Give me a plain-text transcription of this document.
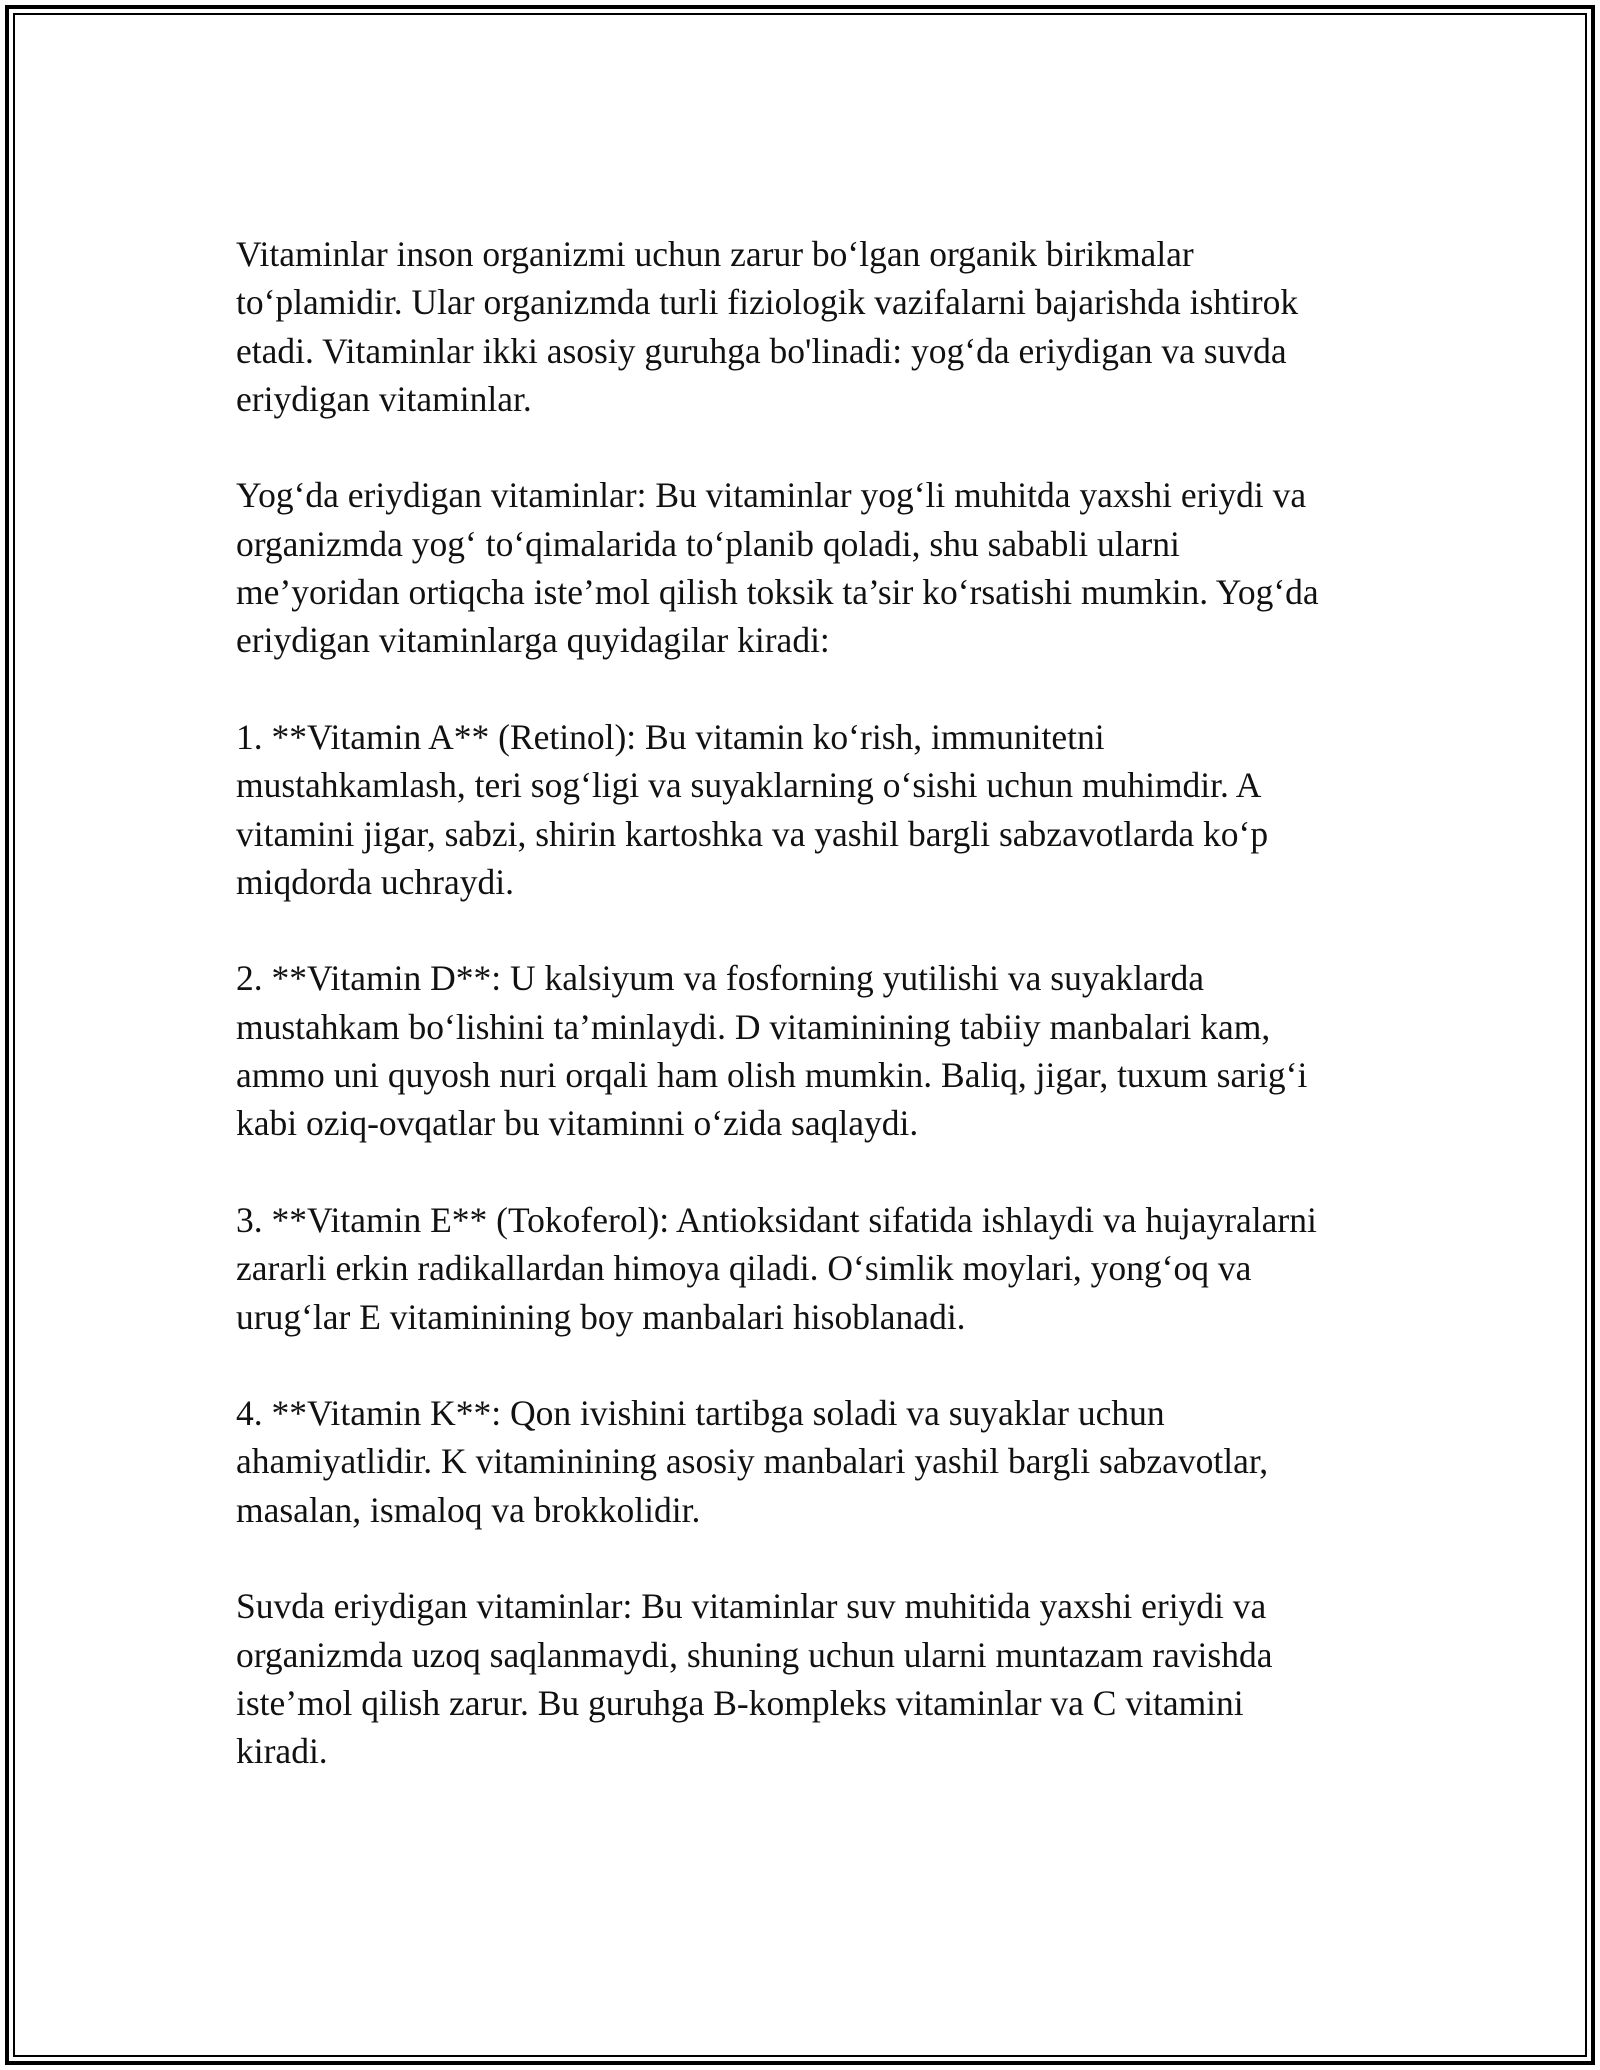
Vitaminlar inson organizmi uchun zarur bo‘lgan organik birikmalar
to‘plamidir. Ular organizmda turli fiziologik vazifalarni bajarishda ishtirok
etadi. Vitaminlar ikki asosiy guruhga bo'linadi: yog‘da eriydigan va suvda
eriydigan vitaminlar.

Yog‘da eriydigan vitaminlar: Bu vitaminlar yog‘li muhitda yaxshi eriydi va
organizmda yog‘ to‘qimalarida to‘planib qoladi, shu sababli ularni
me’yoridan ortiqcha iste’mol qilish toksik ta’sir ko‘rsatishi mumkin. Yog‘da
eriydigan vitaminlarga quyidagilar kiradi:

1. **Vitamin A** (Retinol): Bu vitamin ko‘rish, immunitetni
mustahkamlash, teri sog‘ligi va suyaklarning o‘sishi uchun muhimdir. A
vitamini jigar, sabzi, shirin kartoshka va yashil bargli sabzavotlarda ko‘p
miqdorda uchraydi.

2. **Vitamin D**: U kalsiyum va fosforning yutilishi va suyaklarda
mustahkam bo‘lishini ta’minlaydi. D vitaminining tabiiy manbalari kam,
ammo uni quyosh nuri orqali ham olish mumkin. Baliq, jigar, tuxum sarig‘i
kabi oziq-ovqatlar bu vitaminni o‘zida saqlaydi.

3. **Vitamin E** (Tokoferol): Antioksidant sifatida ishlaydi va hujayralarni
zararli erkin radikallardan himoya qiladi. O‘simlik moylari, yong‘oq va
urug‘lar E vitaminining boy manbalari hisoblanadi.

4. **Vitamin K**: Qon ivishini tartibga soladi va suyaklar uchun
ahamiyatlidir. K vitaminining asosiy manbalari yashil bargli sabzavotlar,
masalan, ismaloq va brokkolidir.

Suvda eriydigan vitaminlar: Bu vitaminlar suv muhitida yaxshi eriydi va
organizmda uzoq saqlanmaydi, shuning uchun ularni muntazam ravishda
iste’mol qilish zarur. Bu guruhga B-kompleks vitaminlar va C vitamini
kiradi.
